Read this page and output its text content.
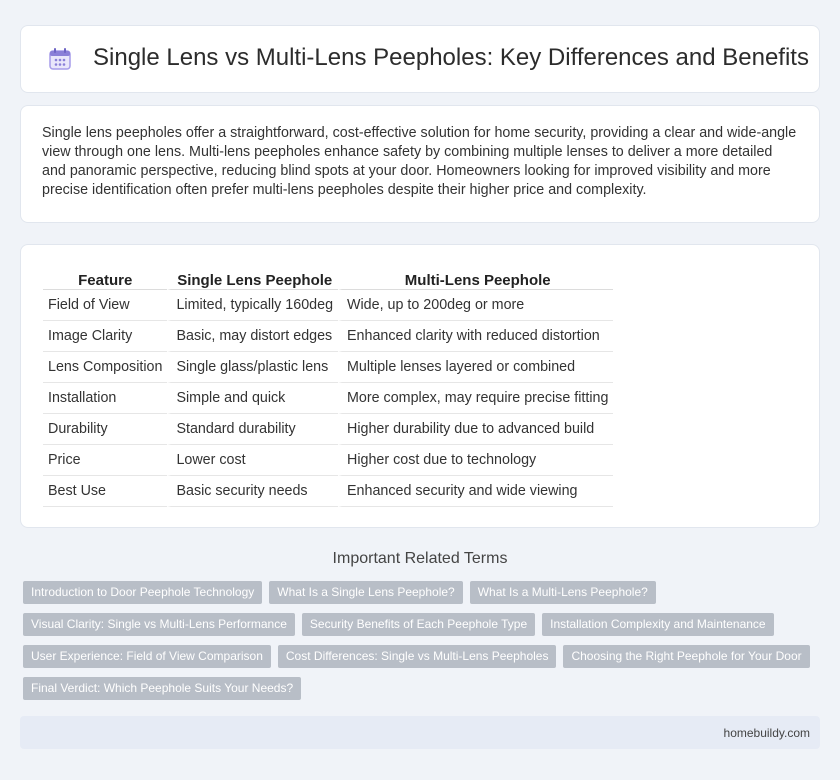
Single Lens vs Multi-Lens Peepholes: Key Differences and Benefits

Single lens peepholes offer a straightforward, cost-effective solution for home security, providing a clear and wide-angle view through one lens. Multi-lens peepholes enhance safety by combining multiple lenses to deliver a more detailed and panoramic perspective, reducing blind spots at your door. Homeowners looking for improved visibility and more precise identification often prefer multi-lens peepholes despite their higher price and complexity.

Feature	Single Lens Peephole	Multi-Lens Peephole
Field of View	Limited, typically 160deg	Wide, up to 200deg or more
Image Clarity	Basic, may distort edges	Enhanced clarity with reduced distortion
Lens Composition	Single glass/plastic lens	Multiple lenses layered or combined
Installation	Simple and quick	More complex, may require precise fitting
Durability	Standard durability	Higher durability due to advanced build
Price	Lower cost	Higher cost due to technology
Best Use	Basic security needs	Enhanced security and wide viewing
Important Related Terms
Introduction to Door Peephole Technology	What Is a Single Lens Peephole?	What Is a Multi-Lens Peephole?
Visual Clarity: Single vs Multi-Lens Performance	Security Benefits of Each Peephole Type	Installation Complexity and Maintenance
User Experience: Field of View Comparison	Cost Differences: Single vs Multi-Lens Peepholes	Choosing the Right Peephole for Your Door
Final Verdict: Which Peephole Suits Your Needs?
homebuildy.com
